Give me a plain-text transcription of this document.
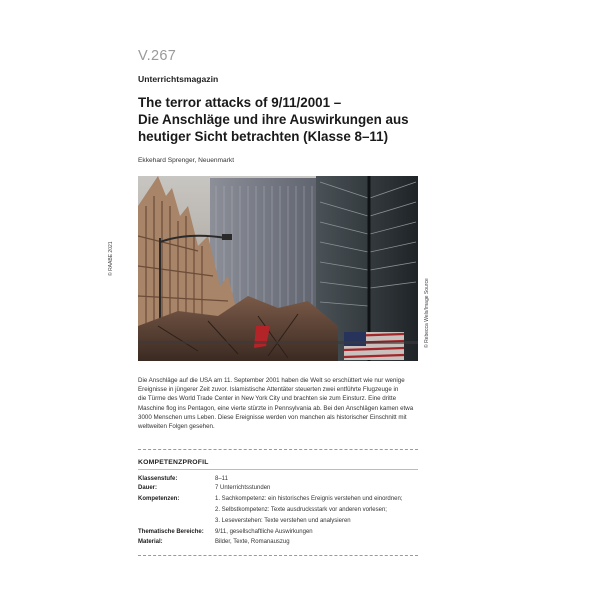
V.267
Unterrichtsmagazin
The terror attacks of 9/11/2001 –
Die Anschläge und ihre Auswirkungen aus
heutiger Sicht betrachten (Klasse 8–11)
Ekkehard Sprenger, Neuenmarkt
© RAABE 2021
© Rebecca Wels/Image Source
Die Anschläge auf die USA am 11. September 2001 haben die Welt so erschüttert wie nur wenige
Ereignisse in jüngerer Zeit zuvor. Islamistische Attentäter steuerten zwei entführte Flugzeuge in
die Türme des World Trade Center in New York City und brachten sie zum Einsturz. Eine dritte
Maschine flog ins Pentagon, eine vierte stürzte in Pennsylvania ab. Bei den Anschlägen kamen etwa
3000 Menschen ums Leben. Diese Ereignisse werden von manchen als historischer Einschnitt mit
weltweiten Folgen gesehen.
KOMPETENZPROFIL
Klassenstufe:	8–11
Dauer:	7 Unterrichtsstunden
Kompetenzen:	1. Sachkompetenz: ein historisches Ereignis verstehen und einordnen;
2. Selbstkompetenz: Texte ausdrucksstark vor anderen vorlesen;
3. Leseverstehen: Texte verstehen und analysieren
Thematische Bereiche: 9/11, gesellschaftliche Auswirkungen
Material:	Bilder, Texte, Romanauszug
